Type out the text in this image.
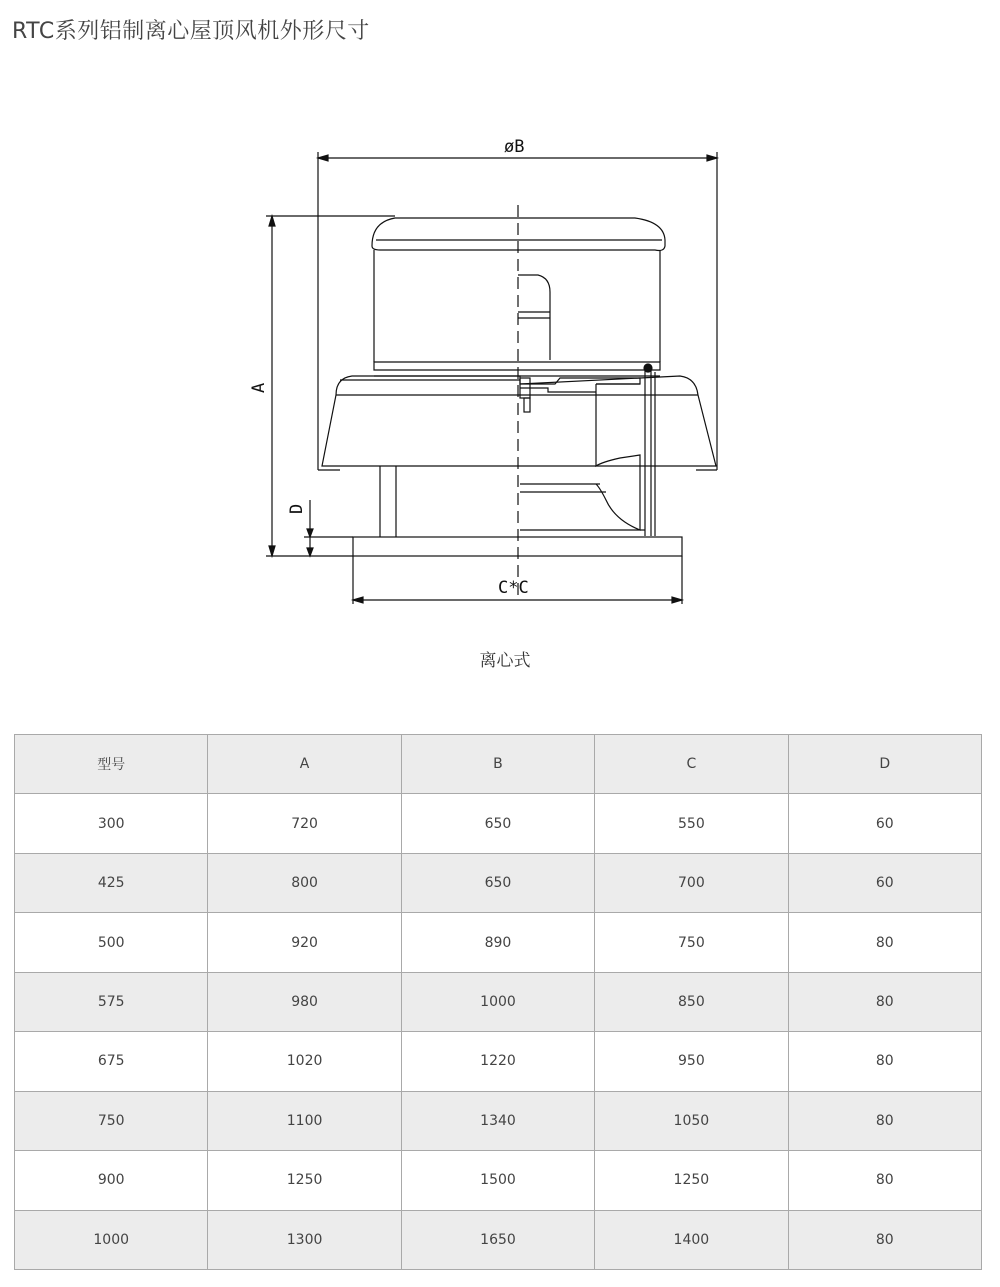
RTC系列铝制离心屋顶风机外形尺寸
øB
A
D
C*C
离心式
型号	A	B	C	D
300	720	650	550	60
425	800	650	700	60
500	920	890	750	80
575	980	1000	850	80
675	1020	1220	950	80
750	1100	1340	1050	80
900	1250	1500	1250	80
1000	1300	1650	1400	80
